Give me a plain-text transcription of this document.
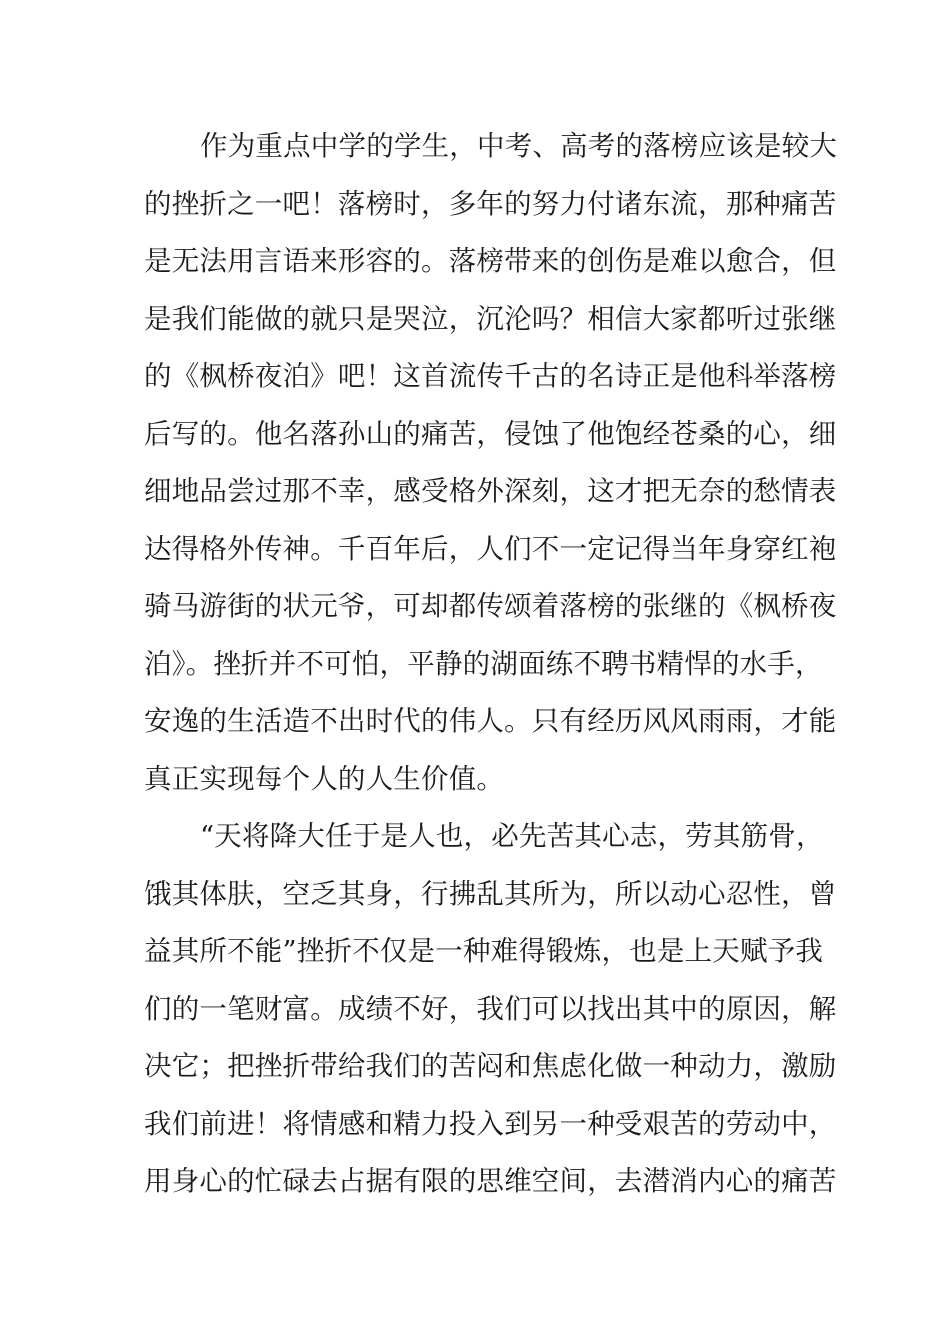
作为重点中学的学生，中考、高考的落榜应该是较大
的挫折之一吧！落榜时，多年的努力付诸东流，那种痛苦
是无法用言语来形容的。落榜带来的创伤是难以愈合，但
是我们能做的就只是哭泣，沉沦吗？相信大家都听过张继
的《枫桥夜泊》吧！这首流传千古的名诗正是他科举落榜
后写的。他名落孙山的痛苦，侵蚀了他饱经苍桑的心，细
细地品尝过那不幸，感受格外深刻，这才把无奈的愁情表
达得格外传神。千百年后，人们不一定记得当年身穿红袍
骑马游街的状元爷，可却都传颂着落榜的张继的《枫桥夜
泊》。挫折并不可怕，平静的湖面练不聘书精悍的水手，
安逸的生活造不出时代的伟人。只有经历风风雨雨，才能
真正实现每个人的人生价值。
“天将降大任于是人也，必先苦其心志，劳其筋骨，
饿其体肤，空乏其身，行拂乱其所为，所以动心忍性，曾
益其所不能”挫折不仅是一种难得锻炼，也是上天赋予我
们的一笔财富。成绩不好，我们可以找出其中的原因，解
决它；把挫折带给我们的苦闷和焦虑化做一种动力，激励
我们前进！将情感和精力投入到另一种受艰苦的劳动中，
用身心的忙碌去占据有限的思维空间，去潜消内心的痛苦
